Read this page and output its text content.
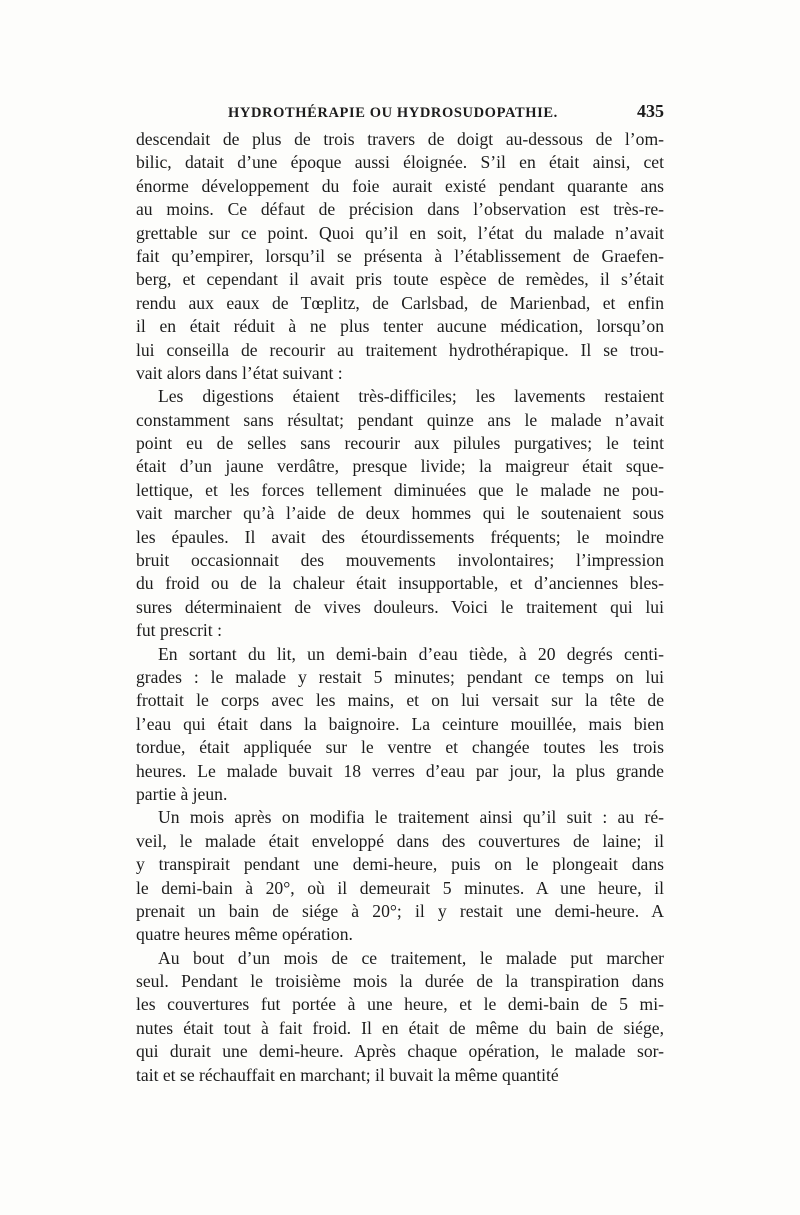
HYDROTHÉRAPIE OU HYDROSUDOPATHIE.	435
descendait de plus de trois travers de doigt au-dessous de l’om-
bilic, datait d’une époque aussi éloignée. S’il en était ainsi, cet
énorme développement du foie aurait existé pendant quarante ans
au moins. Ce défaut de précision dans l’observation est très-re-
grettable sur ce point. Quoi qu’il en soit, l’état du malade n’avait
fait qu’empirer, lorsqu’il se présenta à l’établissement de Graefen-
berg, et cependant il avait pris toute espèce de remèdes, il s’était
rendu aux eaux de Tœplitz, de Carlsbad, de Marienbad, et enfin
il en était réduit à ne plus tenter aucune médication, lorsqu’on
lui conseilla de recourir au traitement hydrothérapique. Il se trou-
vait alors dans l’état suivant :
Les digestions étaient très-difficiles; les lavements restaient
constamment sans résultat; pendant quinze ans le malade n’avait
point eu de selles sans recourir aux pilules purgatives; le teint
était d’un jaune verdâtre, presque livide; la maigreur était sque-
lettique, et les forces tellement diminuées que le malade ne pou-
vait marcher qu’à l’aide de deux hommes qui le soutenaient sous
les épaules. Il avait des étourdissements fréquents; le moindre
bruit occasionnait des mouvements involontaires; l’impression
du froid ou de la chaleur était insupportable, et d’anciennes bles-
sures déterminaient de vives douleurs. Voici le traitement qui lui
fut prescrit :
En sortant du lit, un demi-bain d’eau tiède, à 20 degrés centi-
grades : le malade y restait 5 minutes; pendant ce temps on lui
frottait le corps avec les mains, et on lui versait sur la tête de
l’eau qui était dans la baignoire. La ceinture mouillée, mais bien
tordue, était appliquée sur le ventre et changée toutes les trois
heures. Le malade buvait 18 verres d’eau par jour, la plus grande
partie à jeun.
Un mois après on modifia le traitement ainsi qu’il suit : au ré-
veil, le malade était enveloppé dans des couvertures de laine; il
y transpirait pendant une demi-heure, puis on le plongeait dans
le demi-bain à 20°, où il demeurait 5 minutes. A une heure, il
prenait un bain de siége à 20°; il y restait une demi-heure. A
quatre heures même opération.
Au bout d’un mois de ce traitement, le malade put marcher
seul. Pendant le troisième mois la durée de la transpiration dans
les couvertures fut portée à une heure, et le demi-bain de 5 mi-
nutes était tout à fait froid. Il en était de même du bain de siége,
qui durait une demi-heure. Après chaque opération, le malade sor-
tait et se réchauffait en marchant; il buvait la même quantité
